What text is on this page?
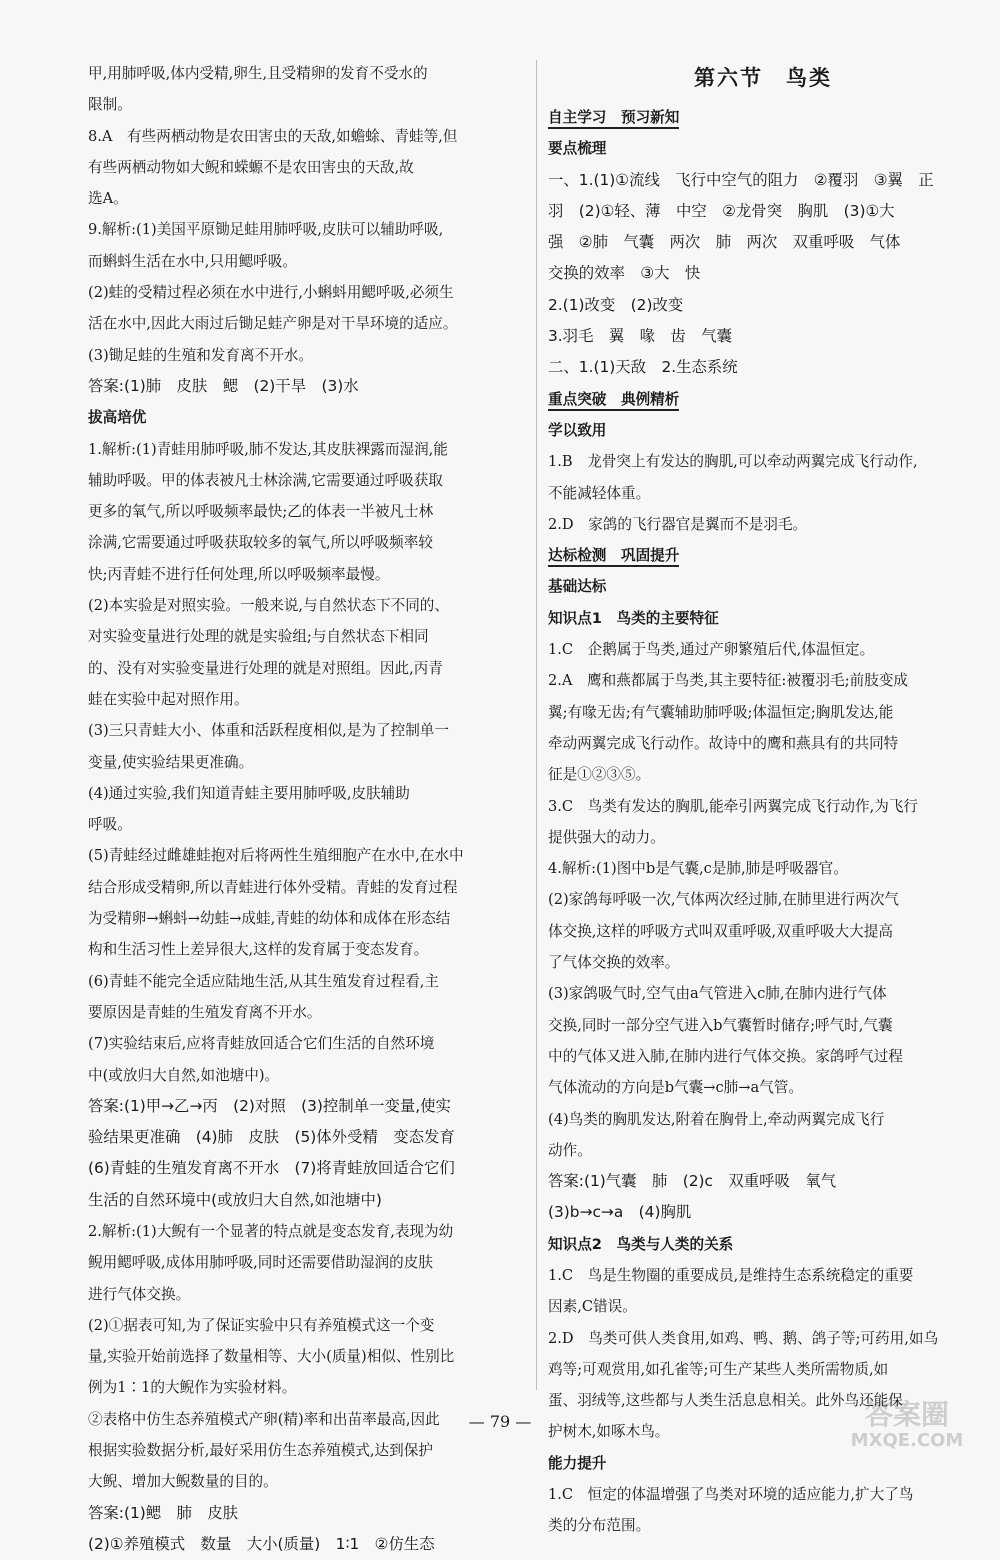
甲,用肺呼吸,体内受精,卵生,且受精卵的发育不受水的
限制。
8.A　有些两栖动物是农田害虫的天敌,如蟾蜍、青蛙等,但
有些两栖动物如大鲵和蝾螈不是农田害虫的天敌,故
选A。
9.解析:(1)美国平原锄足蛙用肺呼吸,皮肤可以辅助呼吸,
而蝌蚪生活在水中,只用鳃呼吸。
(2)蛙的受精过程必须在水中进行,小蝌蚪用鳃呼吸,必须生
活在水中,因此大雨过后锄足蛙产卵是对干旱环境的适应。
(3)锄足蛙的生殖和发育离不开水。
答案:(1)肺　皮肤　鳃　(2)干旱　(3)水
拔高培优
1.解析:(1)青蛙用肺呼吸,肺不发达,其皮肤裸露而湿润,能
辅助呼吸。甲的体表被凡士林涂满,它需要通过呼吸获取
更多的氧气,所以呼吸频率最快;乙的体表一半被凡士林
涂满,它需要通过呼吸获取较多的氧气,所以呼吸频率较
快;丙青蛙不进行任何处理,所以呼吸频率最慢。
(2)本实验是对照实验。一般来说,与自然状态下不同的、
对实验变量进行处理的就是实验组;与自然状态下相同
的、没有对实验变量进行处理的就是对照组。因此,丙青
蛙在实验中起对照作用。
(3)三只青蛙大小、体重和活跃程度相似,是为了控制单一
变量,使实验结果更准确。
(4)通过实验,我们知道青蛙主要用肺呼吸,皮肤辅助
呼吸。
(5)青蛙经过雌雄蛙抱对后将两性生殖细胞产在水中,在水中
结合形成受精卵,所以青蛙进行体外受精。青蛙的发育过程
为受精卵→蝌蚪→幼蛙→成蛙,青蛙的幼体和成体在形态结
构和生活习性上差异很大,这样的发育属于变态发育。
(6)青蛙不能完全适应陆地生活,从其生殖发育过程看,主
要原因是青蛙的生殖发育离不开水。
(7)实验结束后,应将青蛙放回适合它们生活的自然环境
中(或放归大自然,如池塘中)。
答案:(1)甲→乙→丙　(2)对照　(3)控制单一变量,使实
验结果更准确　(4)肺　皮肤　(5)体外受精　变态发育
(6)青蛙的生殖发育离不开水　(7)将青蛙放回适合它们
生活的自然环境中(或放归大自然,如池塘中)
2.解析:(1)大鲵有一个显著的特点就是变态发育,表现为幼
鲵用鳃呼吸,成体用肺呼吸,同时还需要借助湿润的皮肤
进行气体交换。
(2)①据表可知,为了保证实验中只有养殖模式这一个变
量,实验开始前选择了数量相等、大小(质量)相似、性别比
例为1∶1的大鲵作为实验材料。
②表格中仿生态养殖模式产卵(精)率和出苗率最高,因此
根据实验数据分析,最好采用仿生态养殖模式,达到保护
大鲵、增加大鲵数量的目的。
答案:(1)鳃　肺　皮肤
(2)①养殖模式　数量　大小(质量)　1∶1　②仿生态
第六节　鸟类
自主学习　预习新知
要点梳理
一、1.(1)①流线　飞行中空气的阻力　②覆羽　③翼　正
羽　(2)①轻、薄　中空　②龙骨突　胸肌　(3)①大
强　②肺　气囊　两次　肺　两次　双重呼吸　气体
交换的效率　③大　快
2.(1)改变　(2)改变
3.羽毛　翼　喙　齿　气囊
二、1.(1)天敌　2.生态系统
重点突破　典例精析
学以致用
1.B　龙骨突上有发达的胸肌,可以牵动两翼完成飞行动作,
不能减轻体重。
2.D　家鸽的飞行器官是翼而不是羽毛。
达标检测　巩固提升
基础达标
知识点1　鸟类的主要特征
1.C　企鹅属于鸟类,通过产卵繁殖后代,体温恒定。
2.A　鹰和燕都属于鸟类,其主要特征:被覆羽毛;前肢变成
翼;有喙无齿;有气囊辅助肺呼吸;体温恒定;胸肌发达,能
牵动两翼完成飞行动作。故诗中的鹰和燕具有的共同特
征是①②③⑤。
3.C　鸟类有发达的胸肌,能牵引两翼完成飞行动作,为飞行
提供强大的动力。
4.解析:(1)图中b是气囊,c是肺,肺是呼吸器官。
(2)家鸽每呼吸一次,气体两次经过肺,在肺里进行两次气
体交换,这样的呼吸方式叫双重呼吸,双重呼吸大大提高
了气体交换的效率。
(3)家鸽吸气时,空气由a气管进入c肺,在肺内进行气体
交换,同时一部分空气进入b气囊暂时储存;呼气时,气囊
中的气体又进入肺,在肺内进行气体交换。家鸽呼气过程
气体流动的方向是b气囊→c肺→a气管。
(4)鸟类的胸肌发达,附着在胸骨上,牵动两翼完成飞行
动作。
答案:(1)气囊　肺　(2)c　双重呼吸　氧气
(3)b→c→a　(4)胸肌
知识点2　鸟类与人类的关系
1.C　鸟是生物圈的重要成员,是维持生态系统稳定的重要
因素,C错误。
2.D　鸟类可供人类食用,如鸡、鸭、鹅、鸽子等;可药用,如乌
鸡等;可观赏用,如孔雀等;可生产某些人类所需物质,如
蛋、羽绒等,这些都与人类生活息息相关。此外鸟还能保
护树木,如啄木鸟。
能力提升
1.C　恒定的体温增强了鸟类对环境的适应能力,扩大了鸟
类的分布范围。
— 79 —	答案圈
MXQE.COM
